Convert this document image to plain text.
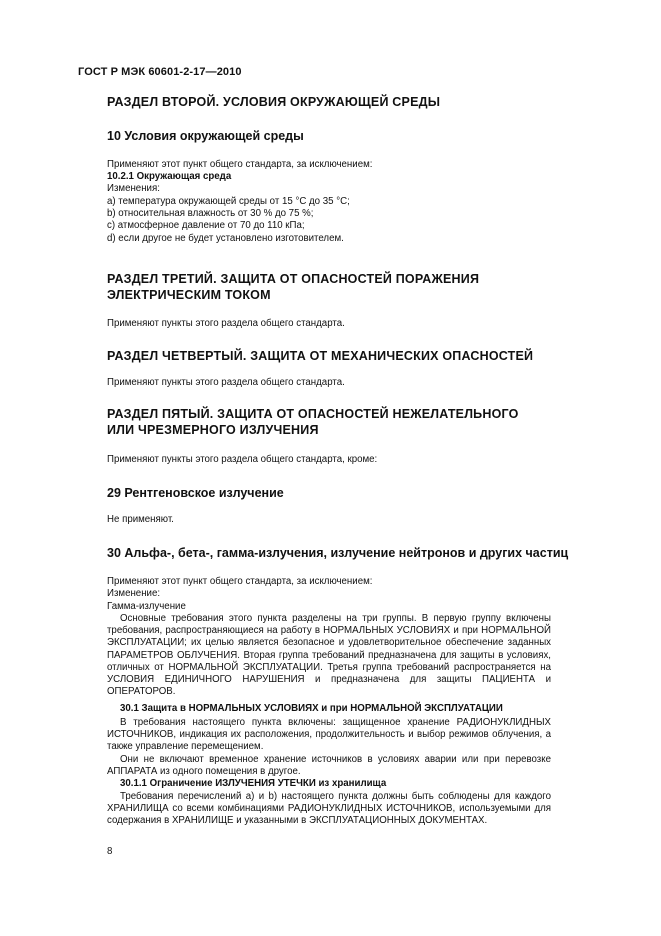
ГОСТ Р МЭК 60601-2-17—2010
РАЗДЕЛ ВТОРОЙ. УСЛОВИЯ ОКРУЖАЮЩЕЙ СРЕДЫ
10 Условия окружающей среды
Применяют этот пункт общего стандарта, за исключением:
10.2.1 Окружающая среда
Изменения:
a) температура окружающей среды от 15 °C до 35 °C;
b) относительная влажность от 30 % до 75 %;
c) атмосферное давление от 70 до 110 кПа;
d) если другое не будет установлено изготовителем.
РАЗДЕЛ ТРЕТИЙ. ЗАЩИТА ОТ ОПАСНОСТЕЙ ПОРАЖЕНИЯ
ЭЛЕКТРИЧЕСКИМ ТОКОМ
Применяют пункты этого раздела общего стандарта.
РАЗДЕЛ ЧЕТВЕРТЫЙ. ЗАЩИТА ОТ МЕХАНИЧЕСКИХ ОПАСНОСТЕЙ
Применяют пункты этого раздела общего стандарта.
РАЗДЕЛ ПЯТЫЙ. ЗАЩИТА ОТ ОПАСНОСТЕЙ НЕЖЕЛАТЕЛЬНОГО
ИЛИ ЧРЕЗМЕРНОГО ИЗЛУЧЕНИЯ
Применяют пункты этого раздела общего стандарта, кроме:
29 Рентгеновское излучение
Не применяют.
30 Альфа-, бета-, гамма-излучения, излучение нейтронов и других частиц
Применяют этот пункт общего стандарта, за исключением:
Изменение:
Гамма-излучение
Основные требования этого пункта разделены на три группы. В первую группу включены требования, распространяющиеся на работу в НОРМАЛЬНЫХ УСЛОВИЯХ и при НОРМАЛЬНОЙ ЭКСПЛУАТАЦИИ; их целью является безопасное и удовлетворительное обеспечение заданных ПАРАМЕТРОВ ОБЛУЧЕНИЯ. Вторая группа требований предназначена для защиты в условиях, отличных от НОРМАЛЬНОЙ ЭКСПЛУАТАЦИИ. Третья группа требований распространяется на УСЛОВИЯ ЕДИНИЧНОГО НАРУШЕНИЯ и предназначена для защиты ПАЦИЕНТА и ОПЕРАТОРОВ.
30.1 Защита в НОРМАЛЬНЫХ УСЛОВИЯХ и при НОРМАЛЬНОЙ ЭКСПЛУАТАЦИИ
В требования настоящего пункта включены: защищенное хранение РАДИОНУКЛИДНЫХ ИСТОЧНИКОВ, индикация их расположения, продолжительность и выбор режимов облучения, а также управление перемещением.
Они не включают временное хранение источников в условиях аварии или при перевозке АППАРАТА из одного помещения в другое.
30.1.1 Ограничение ИЗЛУЧЕНИЯ УТЕЧКИ из хранилища
Требования перечислений a) и b) настоящего пункта должны быть соблюдены для каждого ХРАНИЛИЩА со всеми комбинациями РАДИОНУКЛИДНЫХ ИСТОЧНИКОВ, используемыми для содержания в ХРАНИЛИЩЕ и указанными в ЭКСПЛУАТАЦИОННЫХ ДОКУМЕНТАХ.
8
